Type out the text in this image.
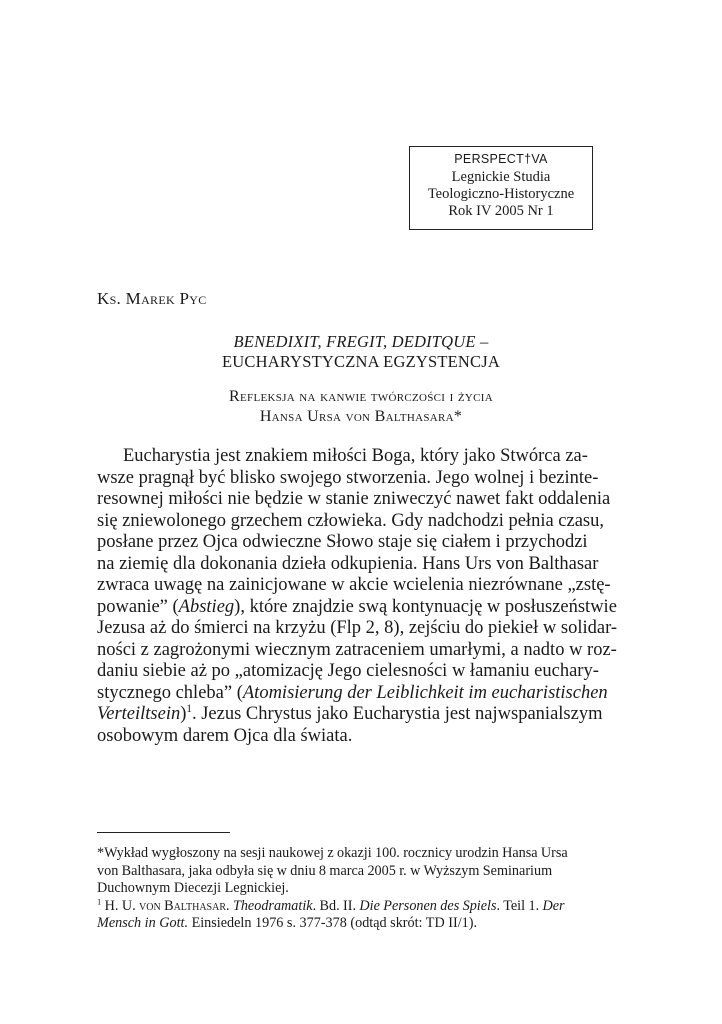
PERSPECT†VA
Legnickie Studia
Teologiczno-Historyczne
Rok IV 2005 Nr 1
Ks. Marek Pyc
BENEDIXIT, FREGIT, DEDITQUE –
EUCHARYSTYCZNA EGZYSTENCJA
Refleksja na kanwie twórczości i życia
Hansa Ursa von Balthasara*
Eucharystia jest znakiem miłości Boga, który jako Stwórca za-
wsze pragnął być blisko swojego stworzenia. Jego wolnej i bezinte-
resownej miłości nie będzie w stanie zniweczyć nawet fakt oddalenia
się zniewolonego grzechem człowieka. Gdy nadchodzi pełnia czasu,
posłane przez Ojca odwieczne Słowo staje się ciałem i przychodzi
na ziemię dla dokonania dzieła odkupienia. Hans Urs von Balthasar
zwraca uwagę na zainicjowane w akcie wcielenia niezrównane „zstę-
powanie” (Abstieg), które znajdzie swą kontynuację w posłuszeństwie
Jezusa aż do śmierci na krzyżu (Flp 2, 8), zejściu do piekieł w solidar-
ności z zagrożonymi wiecznym zatraceniem umarłymi, a nadto w roz-
daniu siebie aż po „atomizację Jego cielesności w łamaniu euchary-
stycznego chleba” (Atomisierung der Leiblichkeit im eucharistischen
Verteiltsein)$^1$. Jezus Chrystus jako Eucharystia jest najwspanialszym
osobowym darem Ojca dla świata.
*Wykład wygłoszony na sesji naukowej z okazji 100. rocznicy urodzin Hansa Ursa
von Balthasara, jaka odbyła się w dniu 8 marca 2005 r. w Wyższym Seminarium
Duchownym Diecezji Legnickiej.
$^1$ H. U. von Balthasar. Theodramatik. Bd. II. Die Personen des Spiels. Teil 1. Der
Mensch in Gott. Einsiedeln 1976 s. 377-378 (odtąd skrót: TD II/1).
